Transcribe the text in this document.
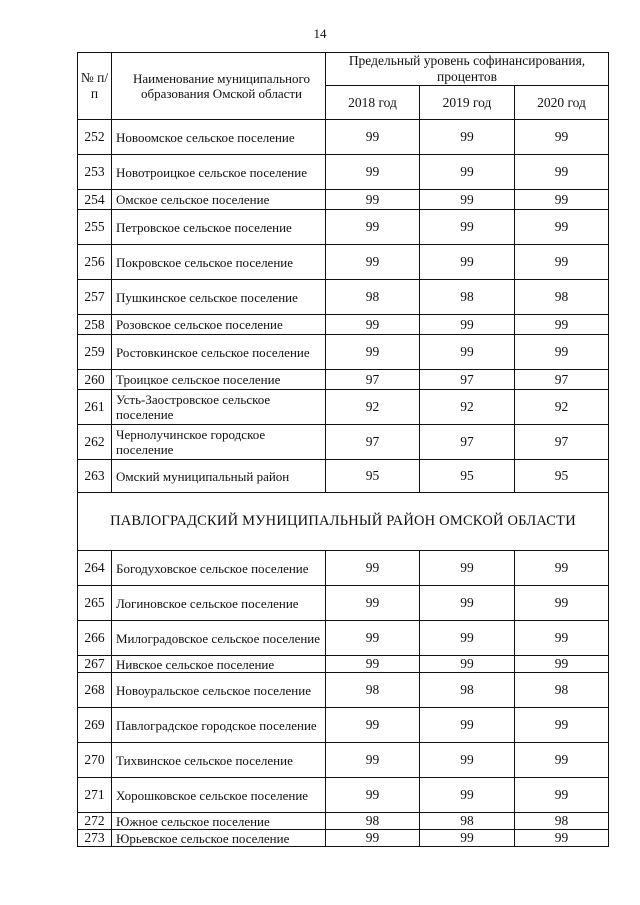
14
№ п/п	Наименование муниципального образования Омской области	Предельный уровень софинансирования, процентов		
		2018 год	2019 год	2020 год
252	Новоомское сельское поселение	99	99	99
253	Новотроицкое сельское поселение	99	99	99
254	Омское сельское поселение	99	99	99
255	Петровское сельское поселение	99	99	99
256	Покровское сельское поселение	99	99	99
257	Пушкинское сельское поселение	98	98	98
258	Розовское сельское поселение	99	99	99
259	Ростовкинское сельское поселение	99	99	99
260	Троицкое сельское поселение	97	97	97
261	Усть-Заостровское сельское поселение	92	92	92
262	Чернолучинское городское поселение	97	97	97
263	Омский муниципальный район	95	95	95
ПАВЛОГРАДСКИЙ МУНИЦИПАЛЬНЫЙ РАЙОН ОМСКОЙ ОБЛАСТИ				
264	Богодуховское сельское поселение	99	99	99
265	Логиновское сельское поселение	99	99	99
266	Милоградовское сельское поселение	99	99	99
267	Нивское сельское поселение	99	99	99
268	Новоуральское сельское поселение	98	98	98
269	Павлоградское городское поселение	99	99	99
270	Тихвинское сельское поселение	99	99	99
271	Хорошковское сельское поселение	99	99	99
272	Южное сельское поселение	98	98	98
273	Юрьевское сельское поселение	99	99	99
